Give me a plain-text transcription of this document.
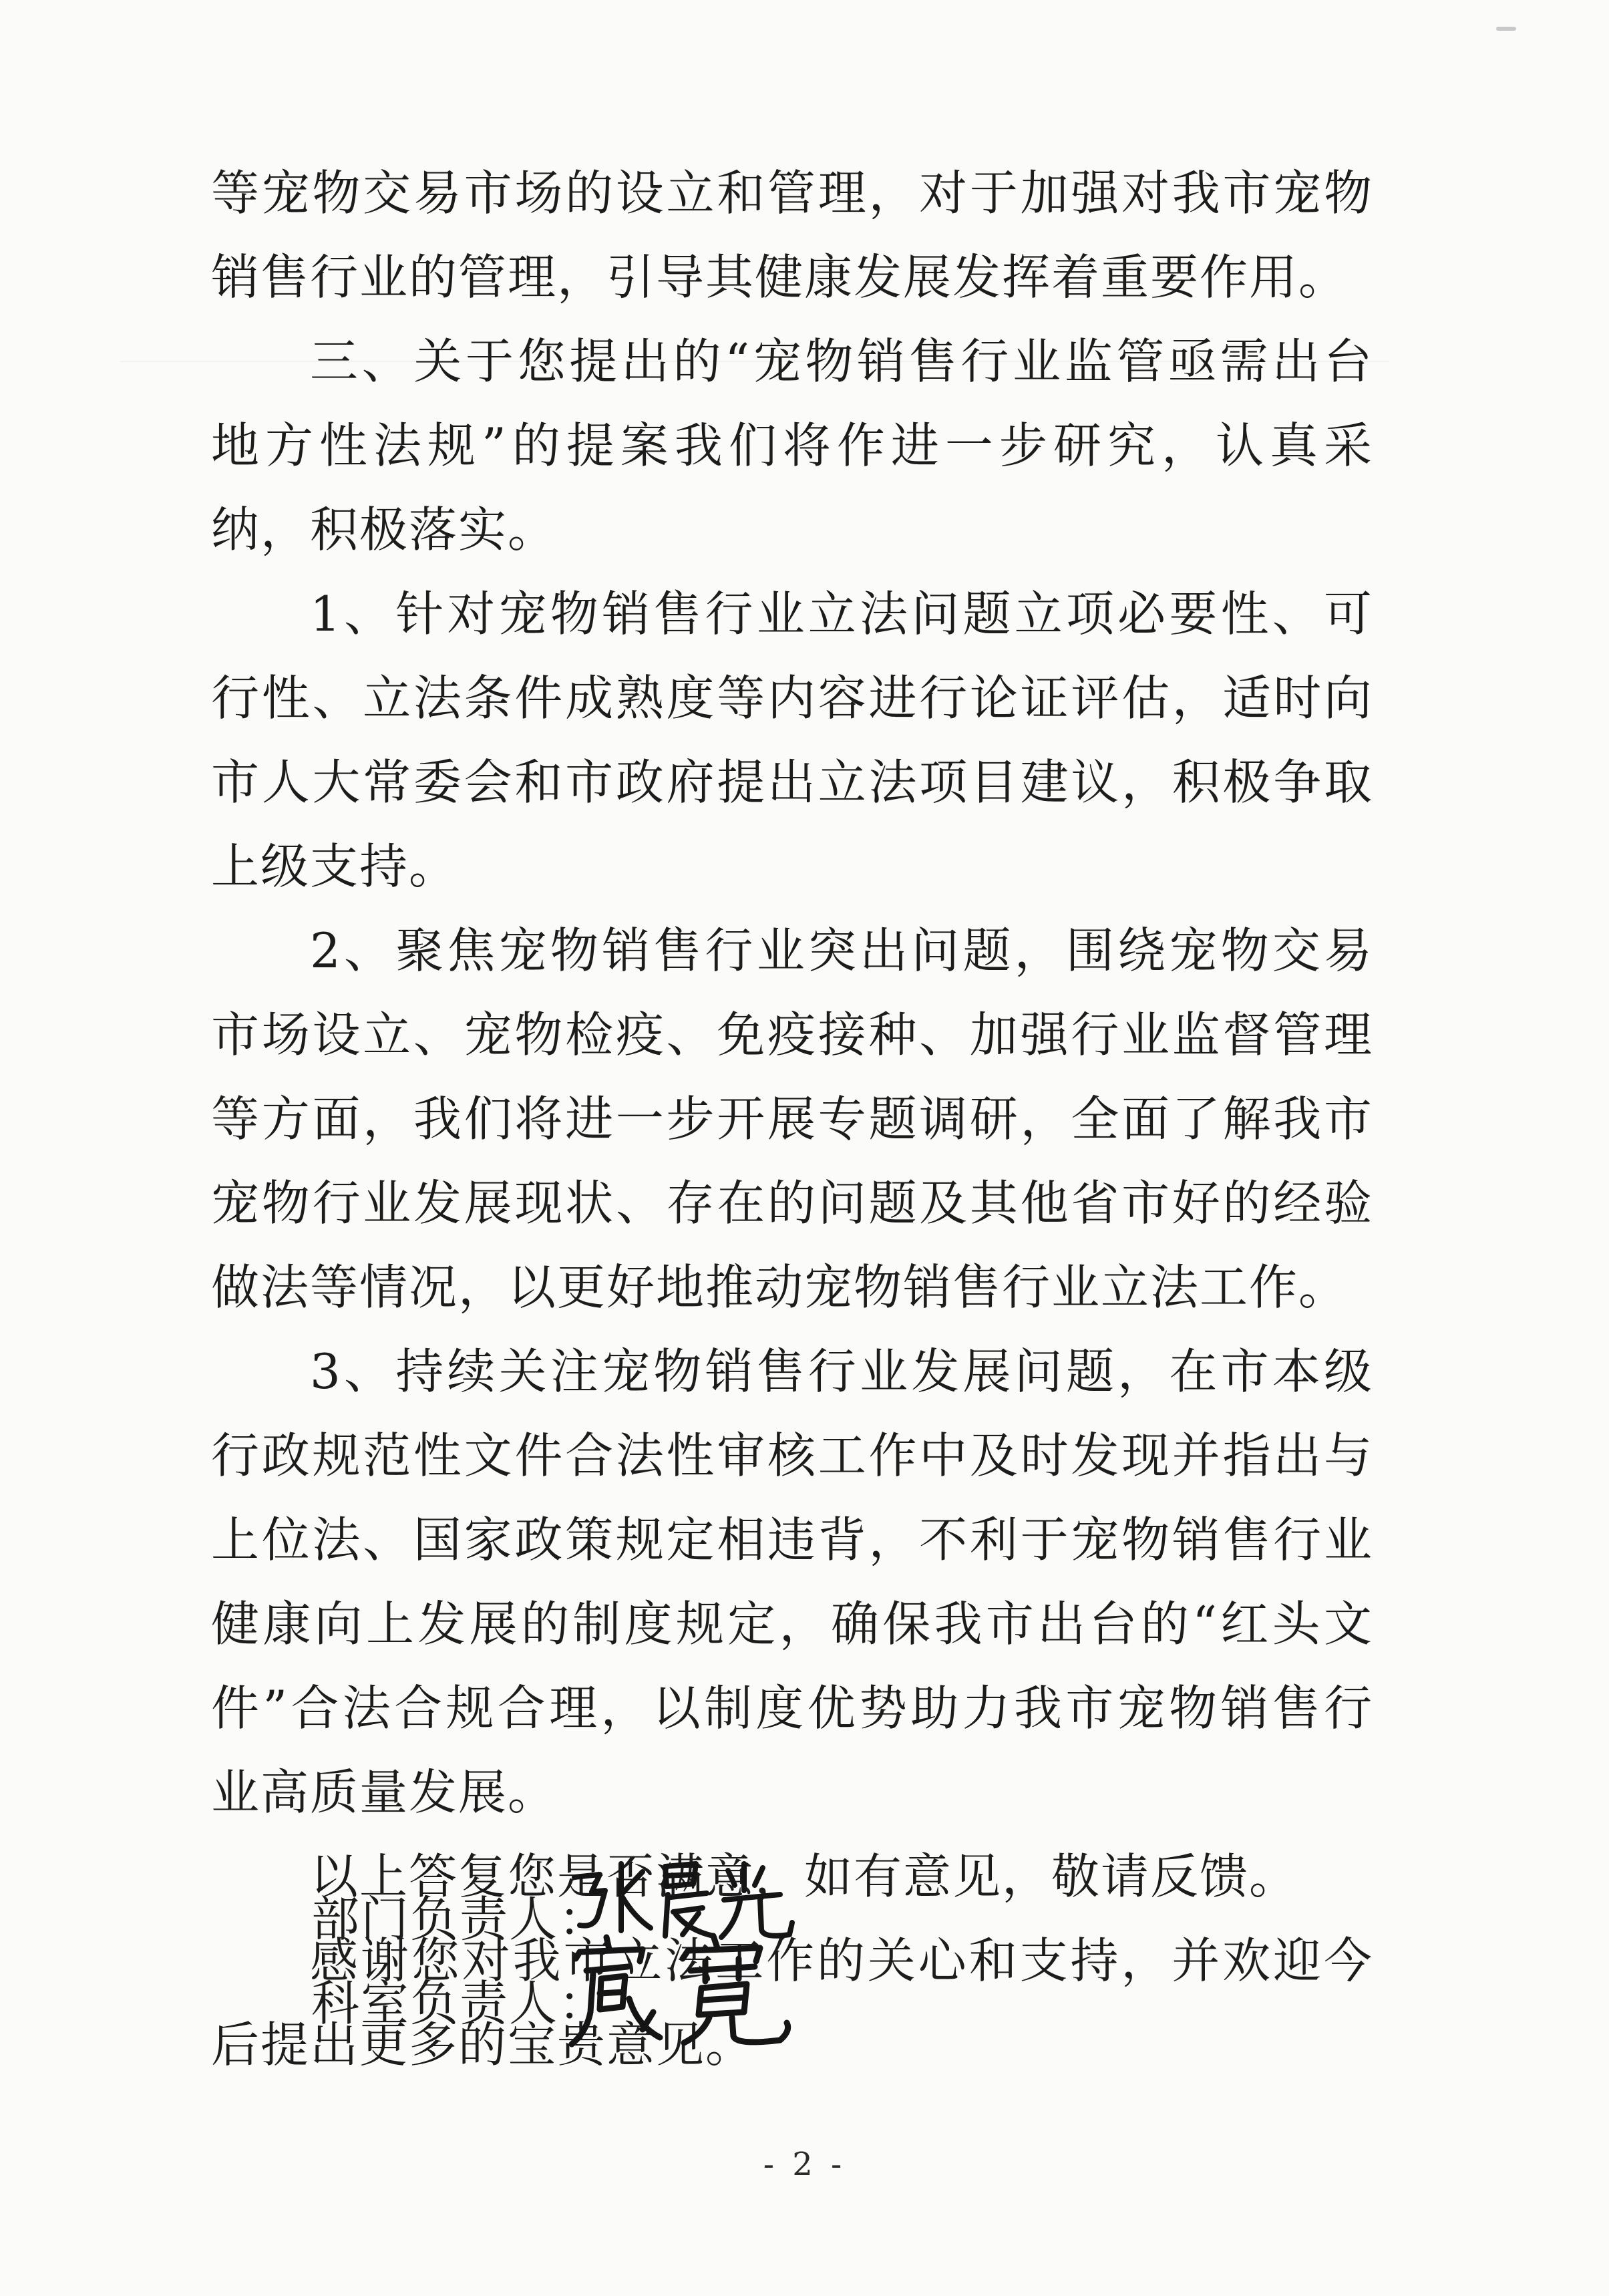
等宠物交易市场的设立和管理，对于加强对我市宠物销售行业的管理，引导其健康发展发挥着重要作用。

三、关于您提出的“宠物销售行业监管亟需出台地方性法规”的提案我们将作进一步研究，认真采纳，积极落实。

1、针对宠物销售行业立法问题立项必要性、可行性、立法条件成熟度等内容进行论证评估，适时向市人大常委会和市政府提出立法项目建议，积极争取上级支持。

2、聚焦宠物销售行业突出问题，围绕宠物交易市场设立、宠物检疫、免疫接种、加强行业监督管理等方面，我们将进一步开展专题调研，全面了解我市宠物行业发展现状、存在的问题及其他省市好的经验做法等情况，以更好地推动宠物销售行业立法工作。

3、持续关注宠物销售行业发展问题，在市本级行政规范性文件合法性审核工作中及时发现并指出与上位法、国家政策规定相违背，不利于宠物销售行业健康向上发展的制度规定，确保我市出台的“红头文件”合法合规合理，以制度优势助力我市宠物销售行业高质量发展。

以上答复您是否满意，如有意见，敬请反馈。

感谢您对我市立法工作的关心和支持，并欢迎今后提出更多的宝贵意见。

部门负责人：
科室负责人：
- 2 -
